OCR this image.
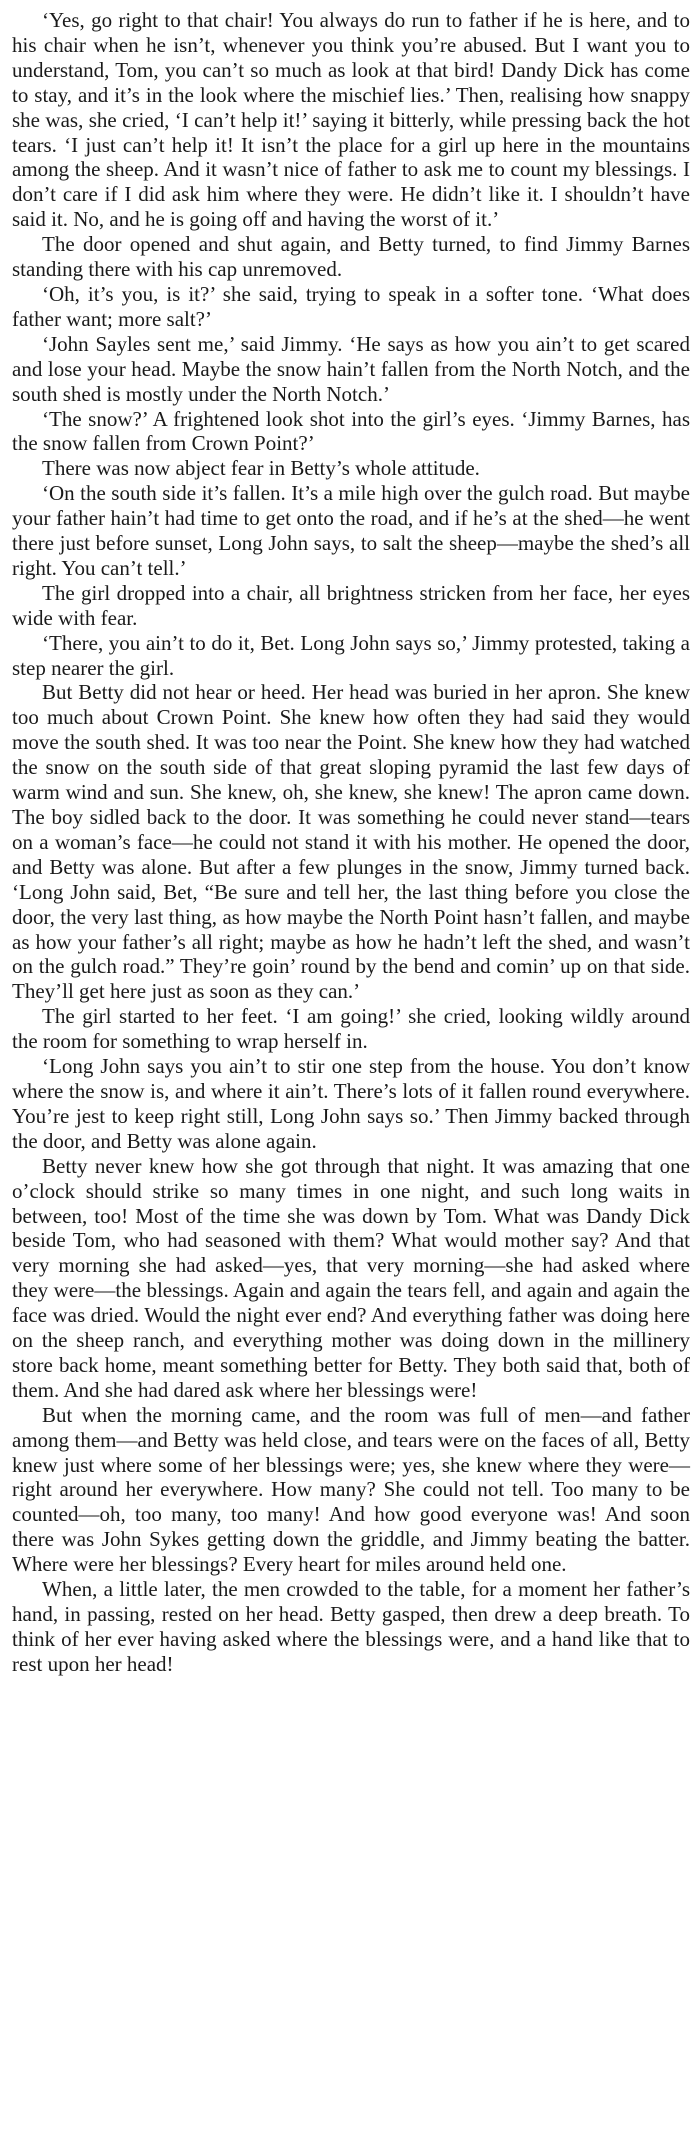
‘Yes, go right to that chair! You always do run to father if he is here, and to his chair when he isn’t, whenever you think you’re abused. But I want you to understand, Tom, you can’t so much as look at that bird! Dandy Dick has come to stay, and it’s in the look where the mischief lies.’ Then, realising how snappy she was, she cried, ‘I can’t help it!’ saying it bitterly, while pressing back the hot tears. ‘I just can’t help it! It isn’t the place for a girl up here in the mountains among the sheep. And it wasn’t nice of father to ask me to count my blessings. I don’t care if I did ask him where they were. He didn’t like it. I shouldn’t have said it. No, and he is going off and having the worst of it.’

The door opened and shut again, and Betty turned, to find Jimmy Barnes standing there with his cap unremoved.

‘Oh, it’s you, is it?’ she said, trying to speak in a softer tone. ‘What does father want; more salt?’

‘John Sayles sent me,’ said Jimmy. ‘He says as how you ain’t to get scared and lose your head. Maybe the snow hain’t fallen from the North Notch, and the south shed is mostly under the North Notch.’

‘The snow?’ A frightened look shot into the girl’s eyes. ‘Jimmy Barnes, has the snow fallen from Crown Point?’

There was now abject fear in Betty’s whole attitude.

‘On the south side it’s fallen. It’s a mile high over the gulch road. But maybe your father hain’t had time to get onto the road, and if he’s at the shed—he went there just before sunset, Long John says, to salt the sheep—maybe the shed’s all right. You can’t tell.’

The girl dropped into a chair, all brightness stricken from her face, her eyes wide with fear.

‘There, you ain’t to do it, Bet. Long John says so,’ Jimmy protested, taking a step nearer the girl.

But Betty did not hear or heed. Her head was buried in her apron. She knew too much about Crown Point. She knew how often they had said they would move the south shed. It was too near the Point. She knew how they had watched the snow on the south side of that great sloping pyramid the last few days of warm wind and sun. She knew, oh, she knew, she knew! The apron came down. The boy sidled back to the door. It was something he could never stand—tears on a woman’s face—he could not stand it with his mother. He opened the door, and Betty was alone. But after a few plunges in the snow, Jimmy turned back. ‘Long John said, Bet, “Be sure and tell her, the last thing before you close the door, the very last thing, as how maybe the North Point hasn’t fallen, and maybe as how your father’s all right; maybe as how he hadn’t left the shed, and wasn’t on the gulch road.” They’re goin’ round by the bend and comin’ up on that side. They’ll get here just as soon as they can.’

The girl started to her feet. ‘I am going!’ she cried, looking wildly around the room for something to wrap herself in.

‘Long John says you ain’t to stir one step from the house. You don’t know where the snow is, and where it ain’t. There’s lots of it fallen round everywhere. You’re jest to keep right still, Long John says so.’ Then Jimmy backed through the door, and Betty was alone again.

Betty never knew how she got through that night. It was amazing that one o’clock should strike so many times in one night, and such long waits in between, too! Most of the time she was down by Tom. What was Dandy Dick beside Tom, who had seasoned with them? What would mother say? And that very morning she had asked—yes, that very morning—she had asked where they were—the blessings. Again and again the tears fell, and again and again the face was dried. Would the night ever end? And everything father was doing here on the sheep ranch, and everything mother was doing down in the millinery store back home, meant something better for Betty. They both said that, both of them. And she had dared ask where her blessings were!

But when the morning came, and the room was full of men—and father among them—and Betty was held close, and tears were on the faces of all, Betty knew just where some of her blessings were; yes, she knew where they were—right around her everywhere. How many? She could not tell. Too many to be counted—oh, too many, too many! And how good everyone was! And soon there was John Sykes getting down the griddle, and Jimmy beating the batter. Where were her blessings? Every heart for miles around held one.

When, a little later, the men crowded to the table, for a moment her father’s hand, in passing, rested on her head. Betty gasped, then drew a deep breath. To think of her ever having asked where the blessings were, and a hand like that to rest upon her head!
